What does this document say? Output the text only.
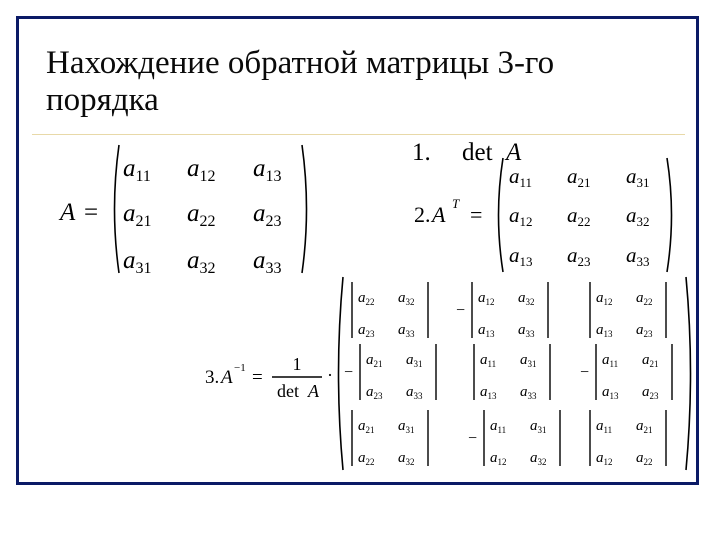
Нахождение обратной матрицы 3-го
порядка
A =
$a_{11}$ $a_{12}$ $a_{13}$
$a_{21}$ $a_{22}$ $a_{23}$
$a_{31}$ $a_{32}$ $a_{33}$
1. det A
2. A T =
a11 a21 a31
a12 a22 a32
a13 a23 a33
3. A −1 =
1
det A
·
$a_{22}$ $a_{32}$
$a_{23}$ $a_{33}$
−
$a_{12}$ $a_{32}$
$a_{13}$ $a_{33}$
$a_{12}$ $a_{22}$
$a_{13}$ $a_{23}$
−
$a_{21}$ $a_{31}$
$a_{23}$ $a_{33}$
$a_{11}$ $a_{31}$
$a_{13}$ $a_{33}$
−
$a_{11}$ $a_{21}$
$a_{13}$ $a_{23}$
$a_{21}$ $a_{31}$
$a_{22}$ $a_{32}$
−
$a_{11}$ $a_{31}$
$a_{12}$ $a_{32}$
$a_{11}$ $a_{21}$
$a_{12}$ $a_{22}$
